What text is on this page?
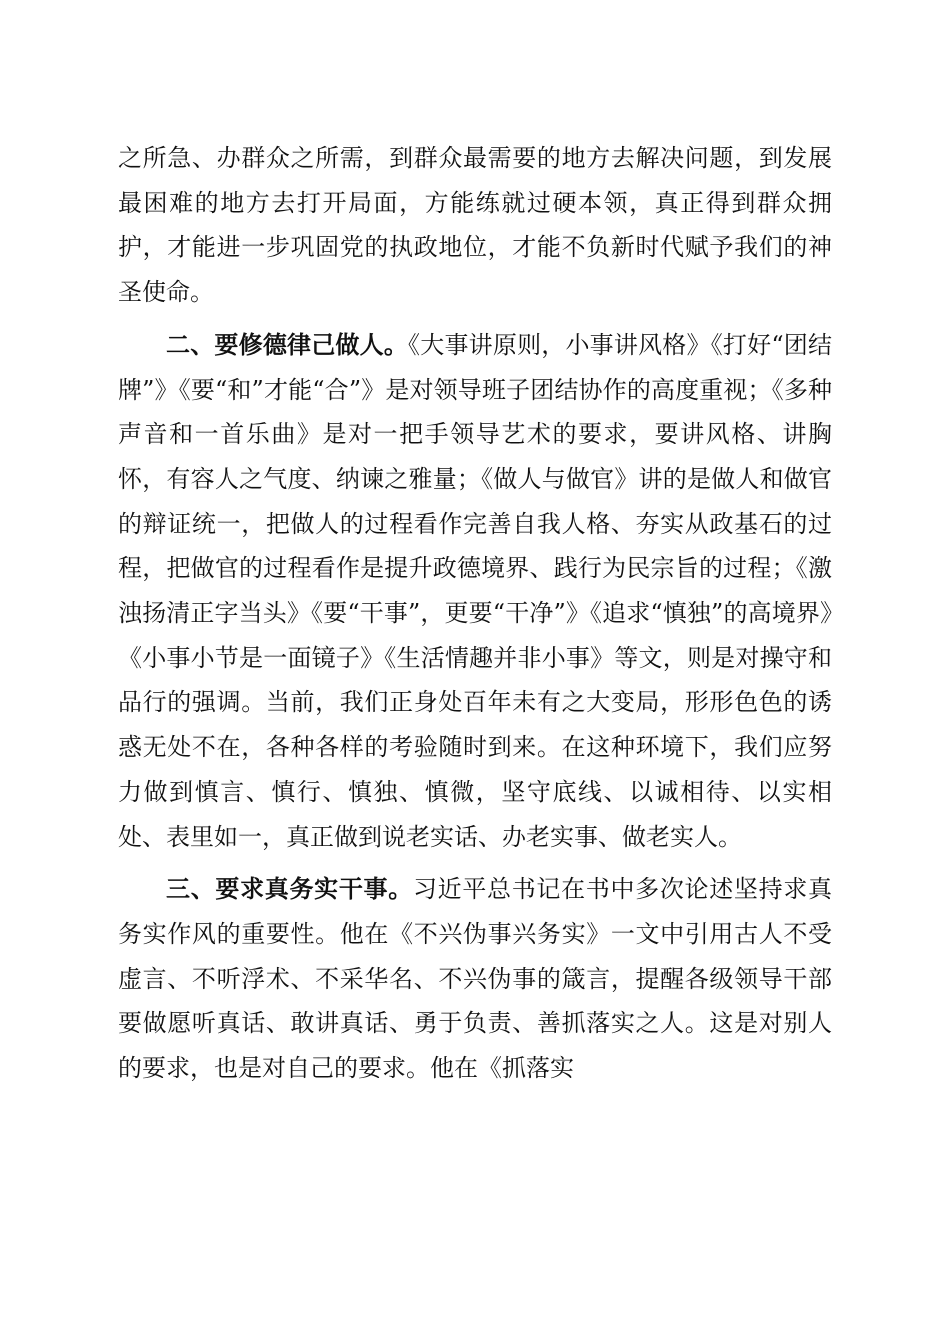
之所急、办群众之所需，到群众最需要的地方去解决问题，到发展最困难的地方去打开局面，方能练就过硬本领，真正得到群众拥护，才能进一步巩固党的执政地位，才能不负新时代赋予我们的神圣使命。

二、要修德律己做人。《大事讲原则，小事讲风格》《打好“团结牌”》《要“和”才能“合”》是对领导班子团结协作的高度重视；《多种声音和一首乐曲》是对一把手领导艺术的要求，要讲风格、讲胸怀，有容人之气度、纳谏之雅量；《做人与做官》讲的是做人和做官的辩证统一，把做人的过程看作完善自我人格、夯实从政基石的过程，把做官的过程看作是提升政德境界、践行为民宗旨的过程；《激浊扬清正字当头》《要“干事”，更要“干净”》《追求“慎独”的高境界》《小事小节是一面镜子》《生活情趣并非小事》等文，则是对操守和品行的强调。当前，我们正身处百年未有之大变局，形形色色的诱惑无处不在，各种各样的考验随时到来。在这种环境下，我们应努力做到慎言、慎行、慎独、慎微，坚守底线、以诚相待、以实相处、表里如一，真正做到说老实话、办老实事、做老实人。

三、要求真务实干事。习近平总书记在书中多次论述坚持求真务实作风的重要性。他在《不兴伪事兴务实》一文中引用古人不受虚言、不听浮术、不采华名、不兴伪事的箴言，提醒各级领导干部要做愿听真话、敢讲真话、勇于负责、善抓落实之人。这是对别人的要求，也是对自己的要求。他在《抓落实
